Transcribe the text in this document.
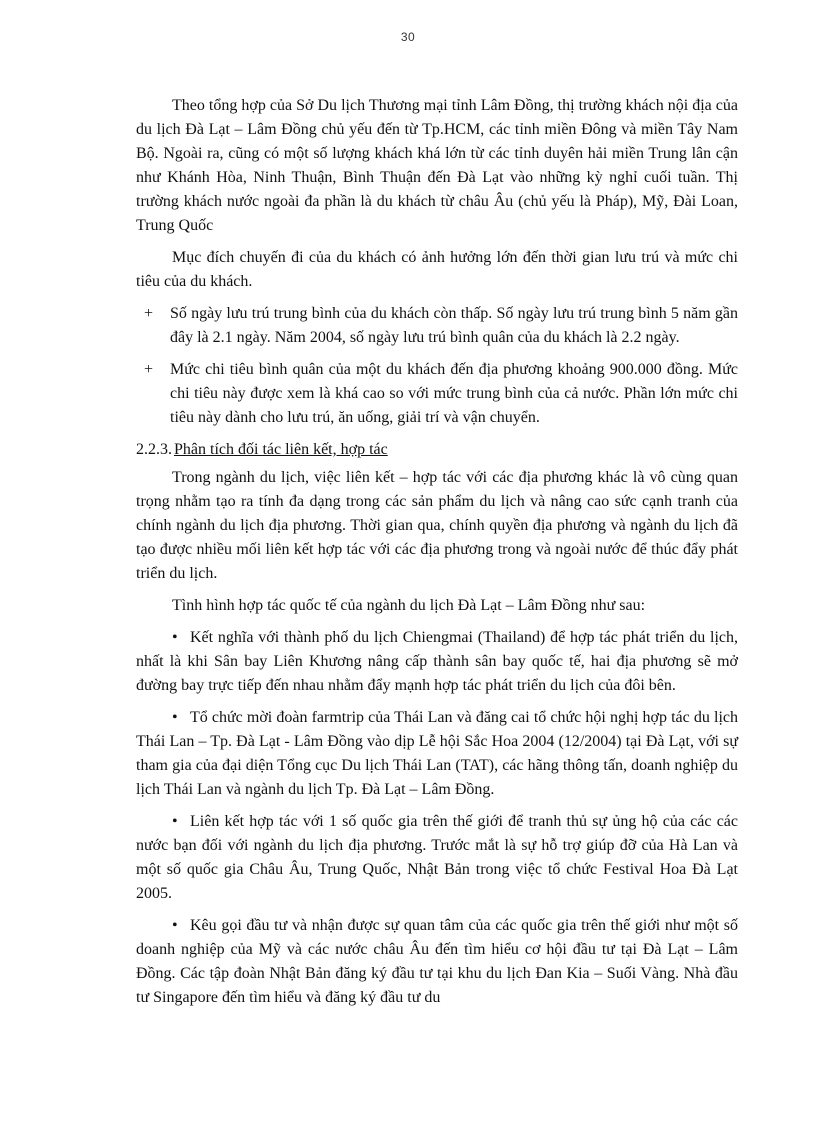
30

Theo tổng hợp của Sở Du lịch Thương mại tỉnh Lâm Đồng, thị trường khách nội địa của du lịch Đà Lạt – Lâm Đồng chủ yếu đến từ Tp.HCM, các tỉnh miền Đông và miền Tây Nam Bộ. Ngoài ra, cũng có một số lượng khách khá lớn từ các tỉnh duyên hải miền Trung lân cận như Khánh Hòa, Ninh Thuận, Bình Thuận đến Đà Lạt vào những kỳ nghỉ cuối tuần. Thị trường khách nước ngoài đa phần là du khách từ châu Âu (chủ yếu là Pháp), Mỹ, Đài Loan, Trung Quốc

Mục đích chuyến đi của du khách có ảnh hưởng lớn đến thời gian lưu trú và mức chi tiêu của du khách.

+ Số ngày lưu trú trung bình của du khách còn thấp. Số ngày lưu trú trung bình 5 năm gần đây là 2.1 ngày. Năm 2004, số ngày lưu trú bình quân của du khách là 2.2 ngày.
+ Mức chi tiêu bình quân của một du khách đến địa phương khoảng 900.000 đồng. Mức chi tiêu này được xem là khá cao so với mức trung bình của cả nước. Phần lớn mức chi tiêu này dành cho lưu trú, ăn uống, giải trí và vận chuyển.

2.2.3. Phân tích đối tác liên kết, hợp tác

Trong ngành du lịch, việc liên kết – hợp tác với các địa phương khác là vô cùng quan trọng nhằm tạo ra tính đa dạng trong các sản phẩm du lịch và nâng cao sức cạnh tranh của chính ngành du lịch địa phương. Thời gian qua, chính quyền địa phương và ngành du lịch đã tạo được nhiều mối liên kết hợp tác với các địa phương trong và ngoài nước để thúc đẩy phát triển du lịch.

Tình hình hợp tác quốc tế của ngành du lịch Đà Lạt – Lâm Đồng như sau:

• Kết nghĩa với thành phố du lịch Chiengmai (Thailand) để hợp tác phát triển du lịch, nhất là khi Sân bay Liên Khương nâng cấp thành sân bay quốc tế, hai địa phương sẽ mở đường bay trực tiếp đến nhau nhằm đẩy mạnh hợp tác phát triển du lịch của đôi bên.

• Tổ chức mời đoàn farmtrip của Thái Lan và đăng cai tổ chức hội nghị hợp tác du lịch Thái Lan – Tp. Đà Lạt - Lâm Đồng vào dịp Lễ hội Sắc Hoa 2004 (12/2004) tại Đà Lạt, với sự tham gia của đại diện Tổng cục Du lịch Thái Lan (TAT), các hãng thông tấn, doanh nghiệp du lịch Thái Lan và ngành du lịch Tp. Đà Lạt – Lâm Đồng.

• Liên kết hợp tác với 1 số quốc gia trên thế giới để tranh thủ sự ủng hộ của các các nước bạn đối với ngành du lịch địa phương. Trước mắt là sự hỗ trợ giúp đỡ của Hà Lan và một số quốc gia Châu Âu, Trung Quốc, Nhật Bản trong việc tổ chức Festival Hoa Đà Lạt 2005.

• Kêu gọi đầu tư và nhận được sự quan tâm của các quốc gia trên thế giới như một số doanh nghiệp của Mỹ và các nước châu Âu đến tìm hiểu cơ hội đầu tư tại Đà Lạt – Lâm Đồng. Các tập đoàn Nhật Bản đăng ký đầu tư tại khu du lịch Đan Kia – Suối Vàng. Nhà đầu tư Singapore đến tìm hiểu và đăng ký đầu tư du
